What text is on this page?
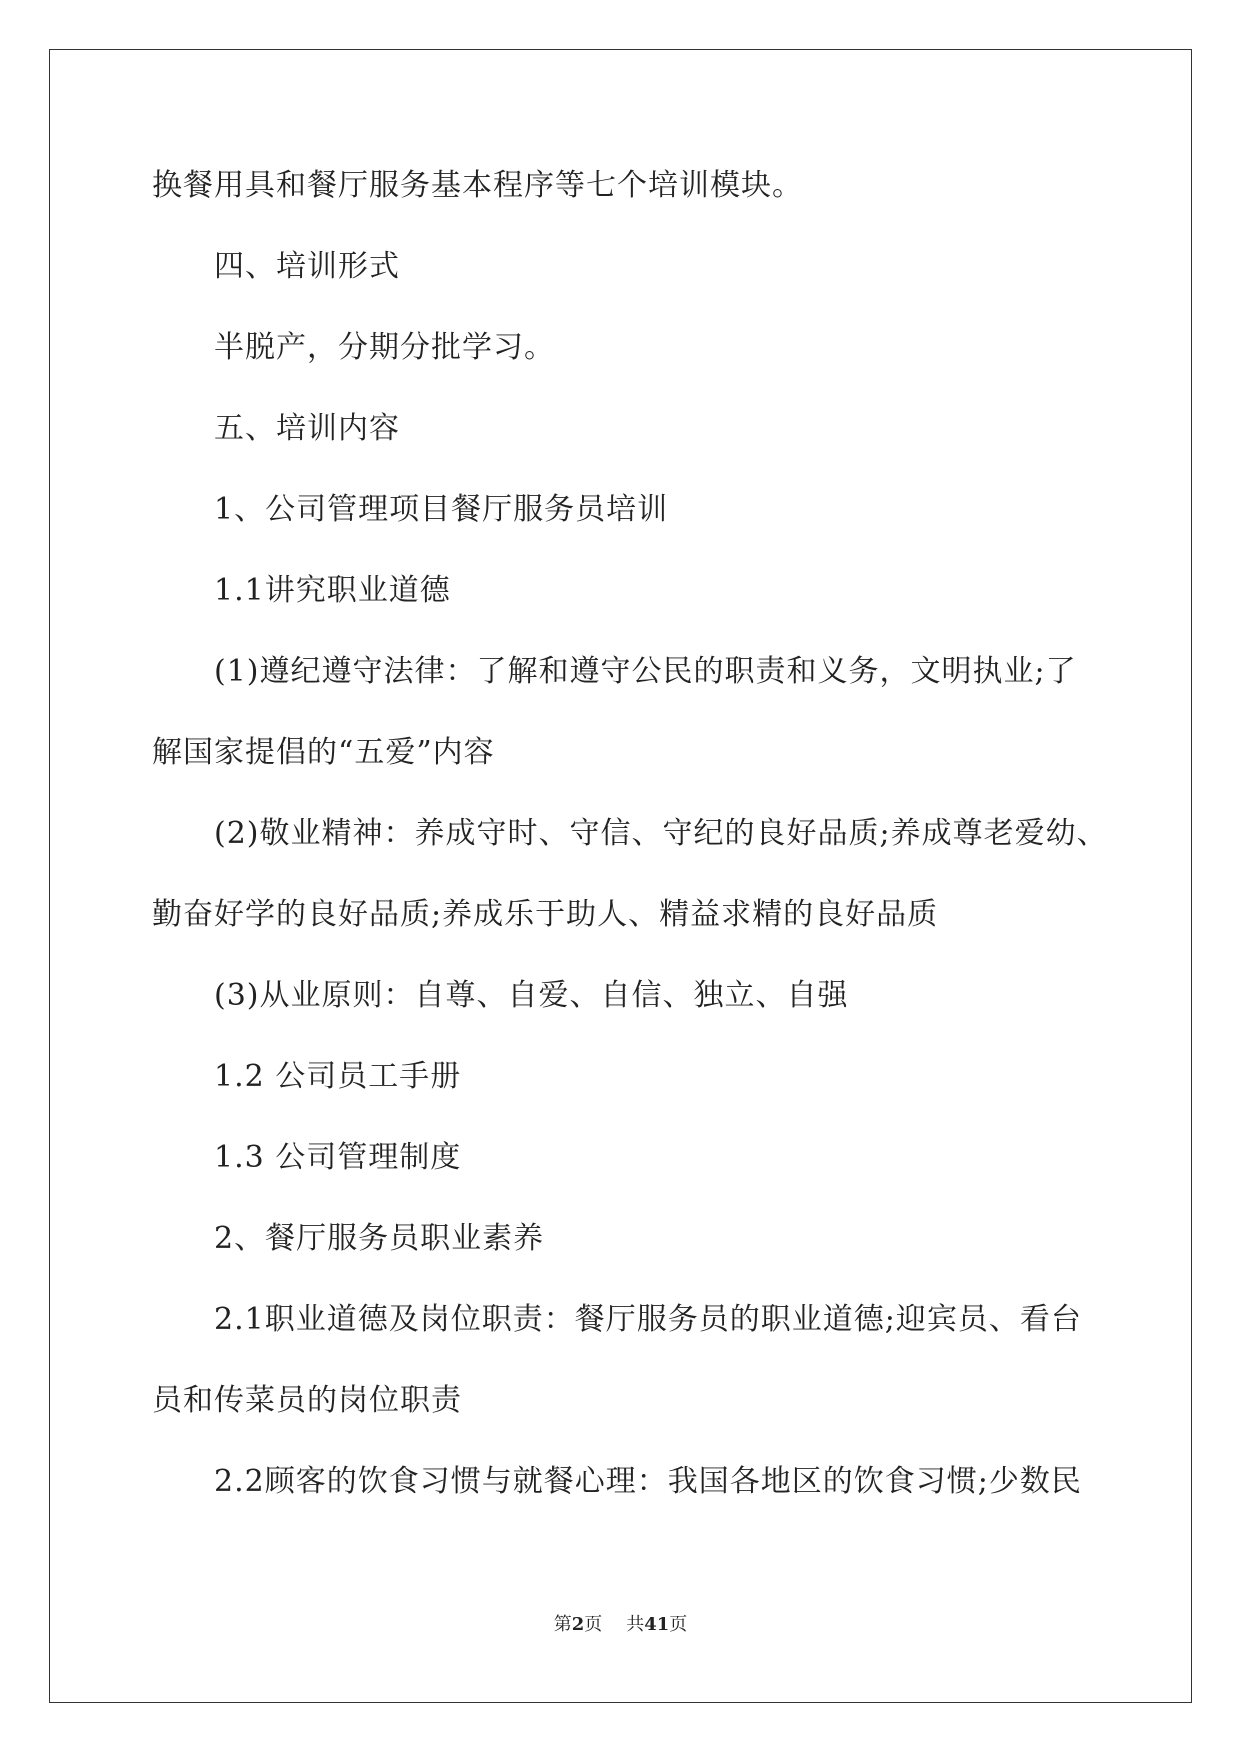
换餐用具和餐厅服务基本程序等七个培训模块。
四、培训形式
半脱产，分期分批学习。
五、培训内容
1、公司管理项目餐厅服务员培训
1.1讲究职业道德
(1)遵纪遵守法律：了解和遵守公民的职责和义务，文明执业;了
解国家提倡的“五爱”内容
(2)敬业精神：养成守时、守信、守纪的良好品质;养成尊老爱幼、
勤奋好学的良好品质;养成乐于助人、精益求精的良好品质
(3)从业原则：自尊、自爱、自信、独立、自强
1.2 公司员工手册
1.3 公司管理制度
2、餐厅服务员职业素养
2.1职业道德及岗位职责：餐厅服务员的职业道德;迎宾员、看台
员和传菜员的岗位职责
2.2顾客的饮食习惯与就餐心理：我国各地区的饮食习惯;少数民
第2页 共41页
